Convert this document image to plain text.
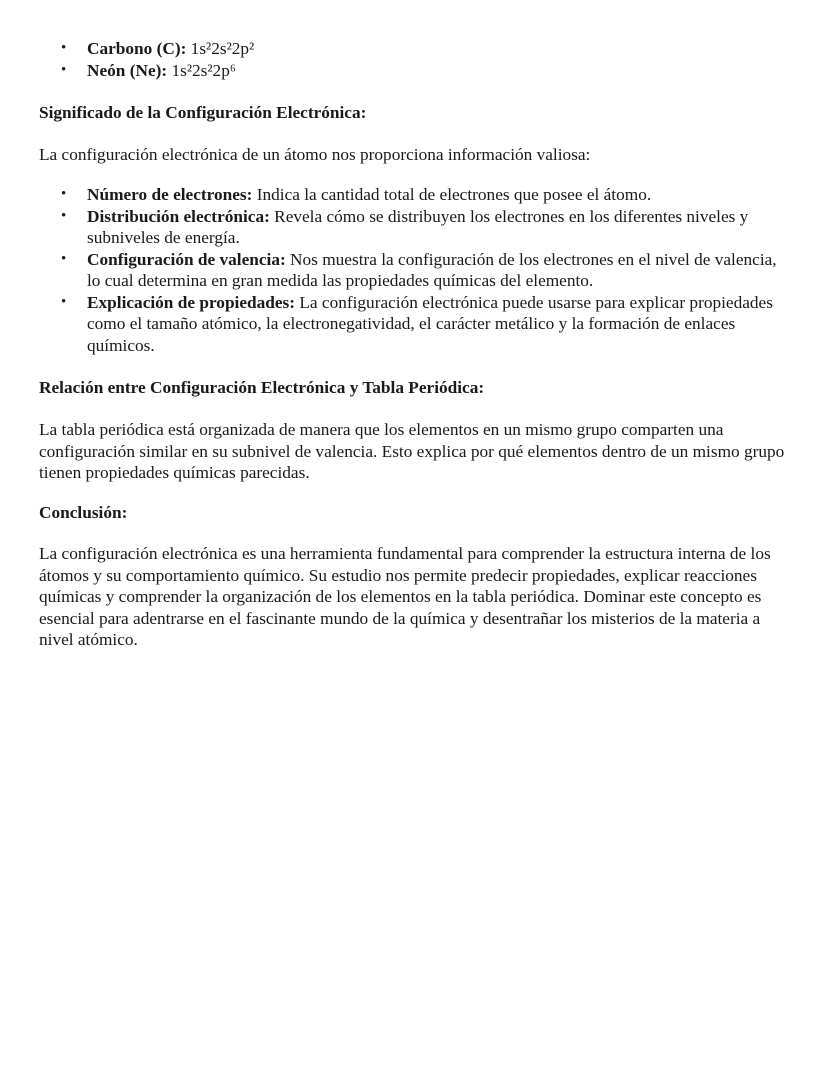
• Carbono (C): 1s²2s²2p²
• Neón (Ne): 1s²2s²2p⁶
Significado de la Configuración Electrónica:

La configuración electrónica de un átomo nos proporciona información valiosa:

• Número de electrones: Indica la cantidad total de electrones que posee el átomo.
• Distribución electrónica: Revela cómo se distribuyen los electrones en los diferentes niveles y subniveles de energía.
• Configuración de valencia: Nos muestra la configuración de los electrones en el nivel de valencia, lo cual determina en gran medida las propiedades químicas del elemento.
• Explicación de propiedades: La configuración electrónica puede usarse para explicar propiedades como el tamaño atómico, la electronegatividad, el carácter metálico y la formación de enlaces químicos.
Relación entre Configuración Electrónica y Tabla Periódica:

La tabla periódica está organizada de manera que los elementos en un mismo grupo comparten una configuración similar en su subnivel de valencia. Esto explica por qué elementos dentro de un mismo grupo tienen propiedades químicas parecidas.

Conclusión:

La configuración electrónica es una herramienta fundamental para comprender la estructura interna de los átomos y su comportamiento químico. Su estudio nos permite predecir propiedades, explicar reacciones químicas y comprender la organización de los elementos en la tabla periódica. Dominar este concepto es esencial para adentrarse en el fascinante mundo de la química y desentrañar los misterios de la materia a nivel atómico.
